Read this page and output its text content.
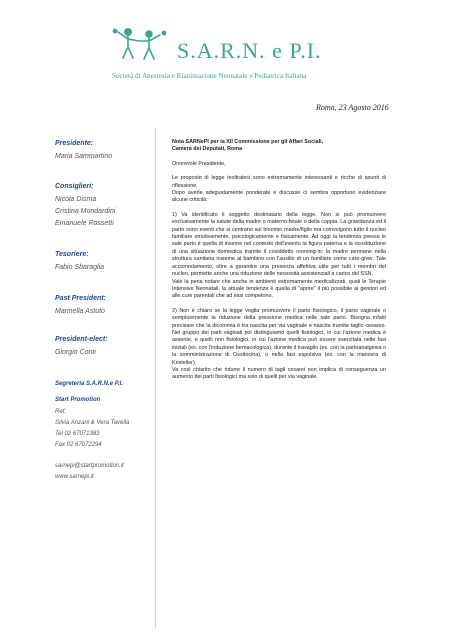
S.A.R.N. e P.I.
Società di Anestesia e Rianimazione Neonatale e Pediatrica Italiana
Roma, 23 Agosto 2016
Presidente:
Maria Sammartino
Consiglieri:
Nicola Disma
Cristina Mondardini
Emanuele Rossetti
Tesoriere:
Fabio Sbaraglia
Past President:
Marinella Astuto
President-elect:
Giorgio Conti
Segreteria S.A.R.N.e P.I.
Start Promotion
Ref:
Silvia Anzani & Vera Tavella
Tel 02 67071383
Fax 02 67072294
sarnepi@startpromotion.it
www.sarnepi.it

Nota SARNePI per la XII Commissione per gli Affari Sociali,

Camera dei Deputati, Roma

Onorevole Presidente,

Le proposte di legge inoltrateci sono estremamente interessanti e ricche di spunti di riflessione.

Dopo averle adeguatamente ponderate e discusse ci sembra opportuno evidenziare alcune criticità:

1) Va identificato il soggetto destinatario della legge. Non si può promuovere esclusivamente la salute della madre o materno-fetale o della coppia. La gravidanza ed il parto sono eventi che si centrano sul binomio madre/figlio ma coinvolgono tutto il nucleo familiare emotivamente, psicologicamente e fisicamente. Ad oggi la tendenza presso le sale parto è quella di inserire nel contesto dell'evento la figura paterna e la ricostituzione di una situazione domestica tramite il cosiddetto rooming-in: la madre permane nella struttura sanitaria insieme al bambino con l'ausilio di un familiare come care-giver. Tale accomodamento, oltre a garantire una presenza affettiva utile per tutti i membri del nucleo, permette anche una riduzione delle necessità assistenziali a carico del SSN.

Vale la pena notare che anche in ambienti estremamente medicalizzati, quali le Terapie Intensive Neonatali, la attuale tendenza è quella di "aprire" il più possibile ai genitori ed alle cure parentali che ad essi competono.

2) Non è chiaro se la legge voglia promuovere il parto fisiologico, il parto vaginale o semplicemente la riduzione della pressione medica nelle sale parto. Bisogna infatti precisare che la dicotomia è tra nascita per via vaginale e nascita tramite taglio cesareo. Nel gruppo dei parti vaginali poi distinguiamo quelli fisiologici, in cui l'azione medica è assente, e quelli non fisiologici, in cui l'azione medica può essere esercitata nelle fasi iniziali (es. con l'induzione farmacologica), durante il travaglio (es. con la partoanalgesia o la somministrazione di Ossitocina), o nella fasi espulsiva (es. con la manovra di Kristeller).

Va così chiarito che ridurre il numero di tagli cesarei non implica di conseguenza un aumento dei parti fisiologici ma solo di quelli per via vaginale.
